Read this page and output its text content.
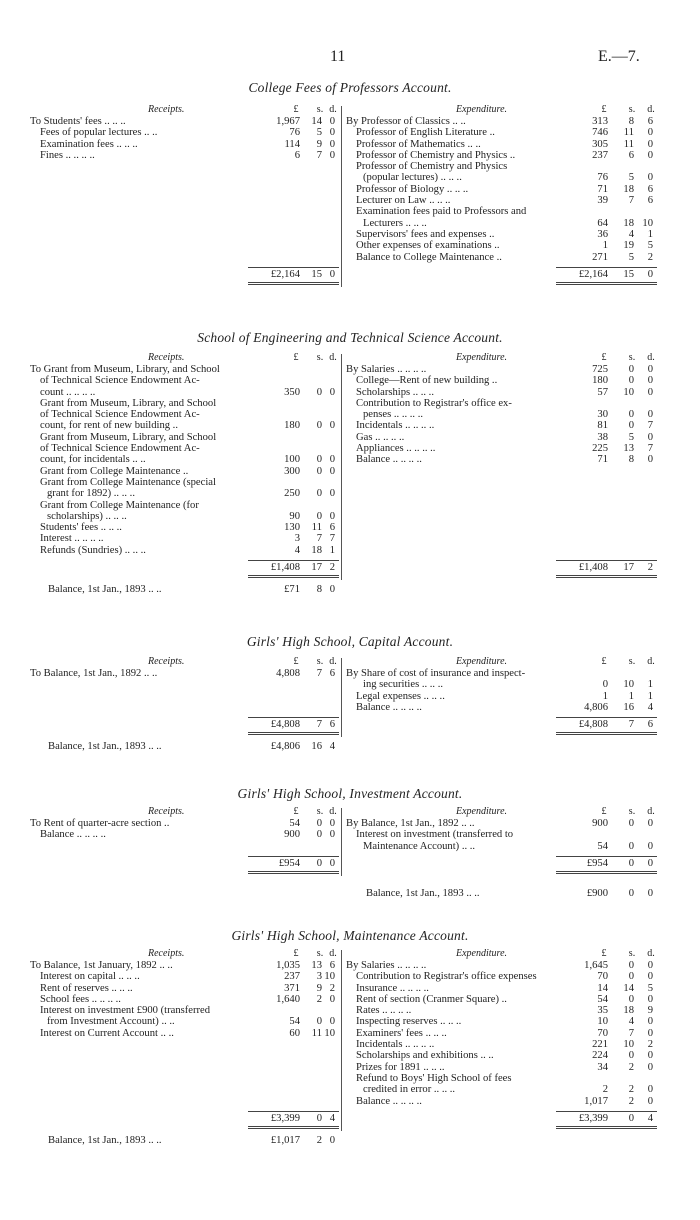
11	E.—7.
College Fees of Professors Account.
Receipts.	£	s. d.
To Students' fees .. .. ..	1,967	14 0
Fees of popular lectures .. ..	76	5 0
Examination fees .. .. ..	114	9 0
Fines .. .. .. ..	6	7 0
£2,164	15 0
Expenditure.	£	s.	d.
By Professor of Classics .. ..	313	8	6
Professor of English Literature ..	746	11	0
Professor of Mathematics .. ..	305	11	0
Professor of Chemistry and Physics ..	237	6	0
Professor of Chemistry and Physics
(popular lectures) .. .. ..	76	5	0
Professor of Biology .. .. ..	71	18	6
Lecturer on Law .. .. ..	39	7	6
Examination fees paid to Professors and
Lecturers .. .. ..	64	18 10
Supervisors' fees and expenses ..	36	4	1
Other expenses of examinations ..	1	19	5
Balance to College Maintenance ..	271	5	2
£2,164	15	0
School of Engineering and Technical Science Account.
Receipts.	£	s. d.
To Grant from Museum, Library, and School
of Technical Science Endowment Ac-
count .. .. .. ..	350	0 0
Grant from Museum, Library, and School
of Technical Science Endowment Ac-
count, for rent of new building ..	180	0 0
Grant from Museum, Library, and School
of Technical Science Endowment Ac-
count, for incidentals .. ..	100	0 0
Grant from College Maintenance ..	300	0 0
Grant from College Maintenance (special
grant for 1892) .. .. ..	250	0 0
Grant from College Maintenance (for
scholarships) .. .. ..	90	0 0
Students' fees .. .. ..	130	11 6
Interest .. .. .. ..	3	7 7
Refunds (Sundries) .. .. ..	4	18 1
£1,408	17 2
Expenditure.	£	s.	d.
By Salaries .. .. .. ..	725	0	0
College—Rent of new building ..	180	0	0
Scholarships .. .. ..	57	10	0
Contribution to Registrar's office ex-
penses .. .. .. ..	30	0	0
Incidentals .. .. .. ..	81	0	7
Gas .. .. .. ..	38	5	0
Appliances .. .. .. ..	225	13	7
Balance .. .. .. ..	71	8	0
£1,408	17	2
Balance, 1st Jan., 1893 .. ..	£71	8 0
Girls' High School, Capital Account.
Receipts.	£	s. d.
To Balance, 1st Jan., 1892 .. ..	4,808	7 6
£4,808	7 6
Expenditure.	£	s.	d.
By Share of cost of insurance and inspect-
ing securities .. .. ..	0	10	1
Legal expenses .. .. ..	1	1	1
Balance .. .. .. ..	4,806	16	4
£4,808	7	6
Balance, 1st Jan., 1893 .. ..	£4,806	16 4
Girls' High School, Investment Account.
Receipts.	£	s. d.
To Rent of quarter-acre section ..	54	0 0
Balance .. .. .. ..	900	0 0
£954	0 0
Expenditure.	£	s.	d.
By Balance, 1st Jan., 1892 .. ..	900	0	0
Interest on investment (transferred to
Maintenance Account) .. ..	54	0	0
£954	0	0
Balance, 1st Jan., 1893 .. ..	£900	0	0
Girls' High School, Maintenance Account.
Receipts.	£	s. d.
To Balance, 1st January, 1892 .. ..	1,035	13 6
Interest on capital .. .. ..	237	3 10
Rent of reserves .. .. ..	371	9 2
School fees .. .. .. ..	1,640	2 0
Interest on investment £900 (transferred
from Investment Account) .. ..	54	0 0
Interest on Current Account .. ..	60	11 10
£3,399	0 4
Expenditure.	£	s.	d.
By Salaries .. .. .. ..	1,645	0	0
Contribution to Registrar's office expenses	70	0	0
Insurance .. .. .. ..	14	14	5
Rent of section (Cranmer Square) ..	54	0	0
Rates .. .. .. ..	35	18	9
Inspecting reserves .. .. ..	10	4	0
Examiners' fees .. .. ..	70	7	0
Incidentals .. .. .. ..	221	10	2
Scholarships and exhibitions .. ..	224	0	0
Prizes for 1891 .. .. ..	34	2	0
Refund to Boys' High School of fees
credited in error .. .. ..	2	2	0
Balance .. .. .. ..	1,017	2	0
£3,399	0	4
Balance, 1st Jan., 1893 .. ..	£1,017	2 0
